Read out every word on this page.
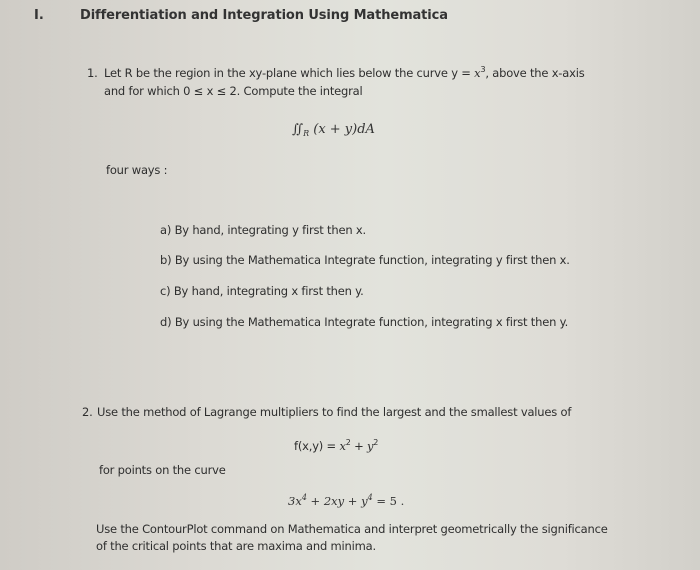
I.	Differentiation and Integration Using Mathematica
1. Let R be the region in the xy-plane which lies below the curve $y = x^3$, above the x-axis
and for which 0 ≤ x ≤ 2. Compute the integral
$∬_R$ (x + y)dA
four ways :
a) By hand, integrating y first then x.
b) By using the Mathematica Integrate function, integrating y first then x.
c) By hand, integrating x first then y.
d) By using the Mathematica Integrate function, integrating x first then y.
2. Use the method of Lagrange multipliers to find the largest and the smallest values of
$f(x,y) = x^2 + y^2$
for points on the curve
$3x^4 + 2xy + y^4 = 5$ .
Use the ContourPlot command on Mathematica and interpret geometrically the significance
of the critical points that are maxima and minima.
